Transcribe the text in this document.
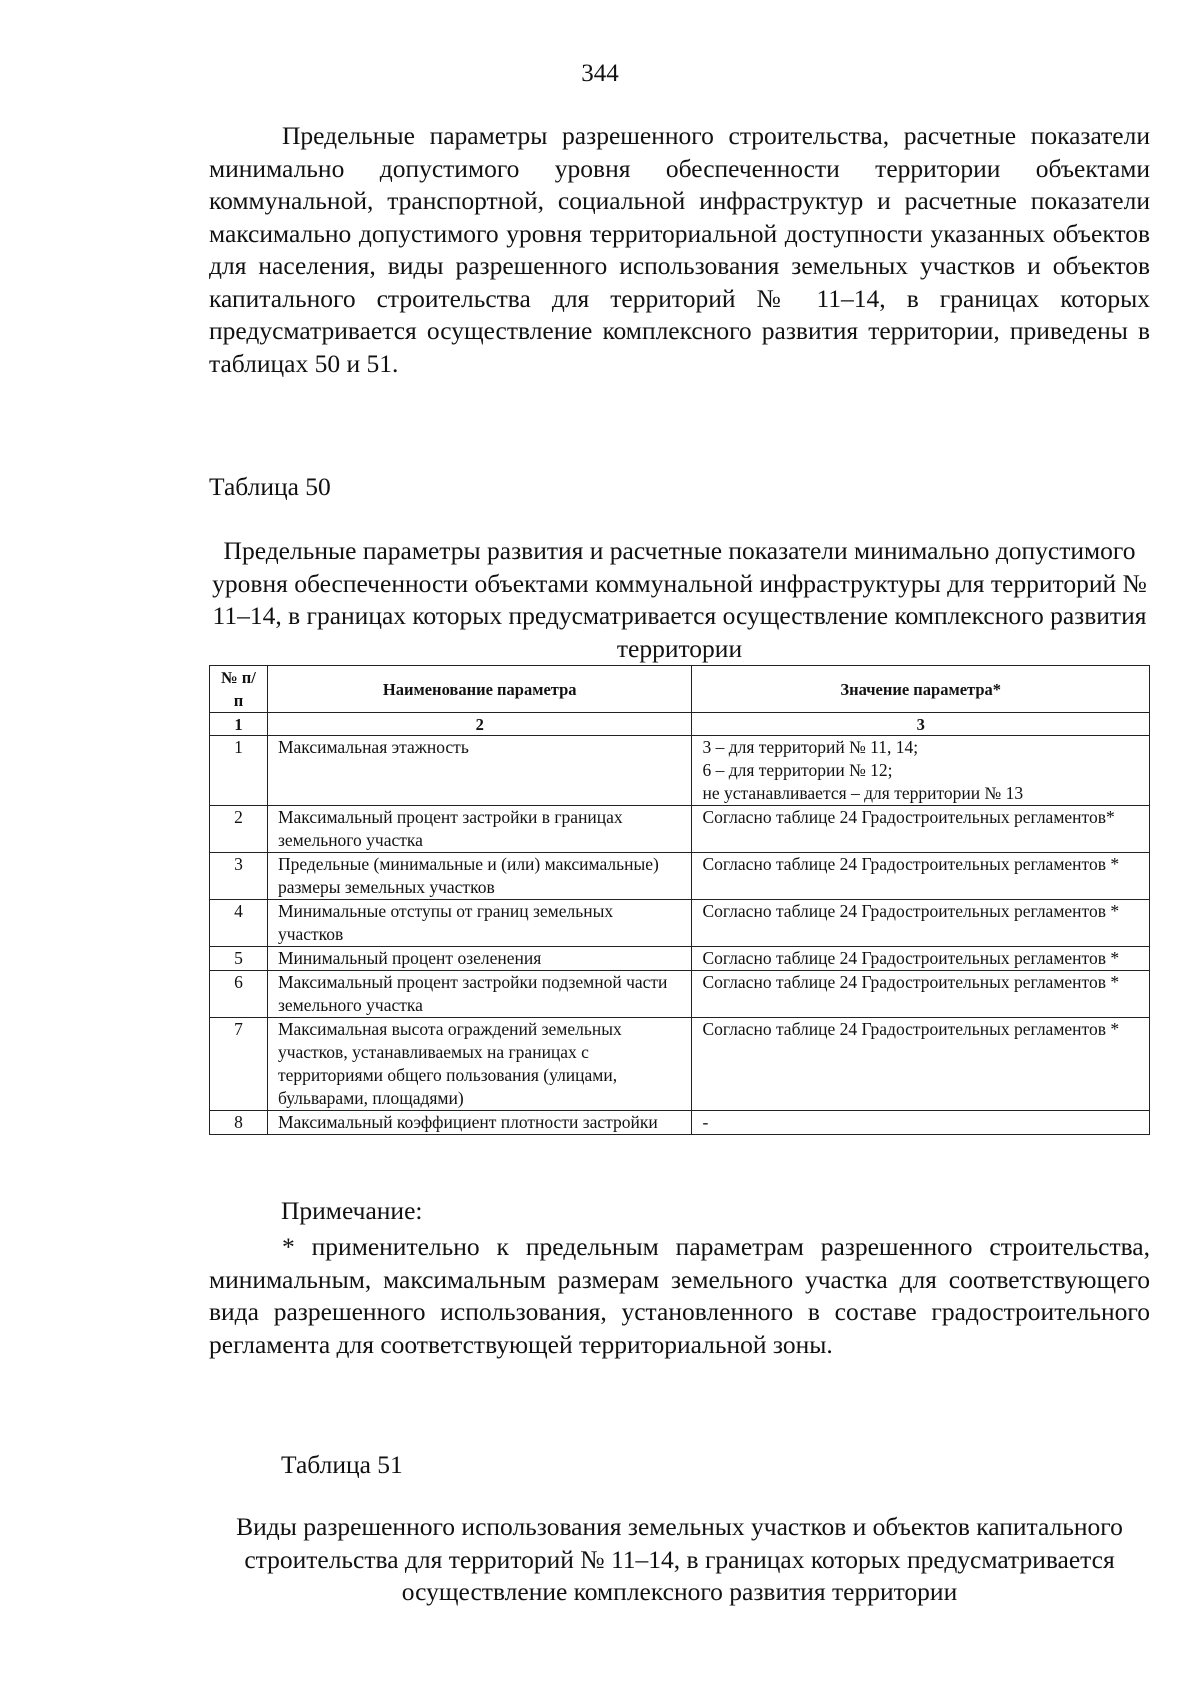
344

Предельные параметры разрешенного строительства, расчетные показатели минимально допустимого уровня обеспеченности территории объектами коммунальной, транспортной, социальной инфраструктур и расчетные показатели максимально допустимого уровня территориальной доступности указанных объектов для населения, виды разрешенного использования земельных участков и объектов капитального строительства для территорий № 11–14, в границах которых предусматривается осуществление комплексного развития территории, приведены в таблицах 50 и 51.

Таблица 50

Предельные параметры развития и расчетные показатели минимально допустимого уровня обеспеченности объектами коммунальной инфраструктуры для территорий № 11–14, в границах которых предусматривается осуществление комплексного развития территории

№ п/п	Наименование параметра	Значение параметра*
1	2	3
1	Максимальная этажность	3 – для территорий № 11, 14;
6 – для территории № 12;
не устанавливается – для территории № 13

2	Максимальный процент застройки в границах земельного участка	Согласно таблице 24 Градостроительных регламентов*
3	Предельные (минимальные и (или) максимальные) размеры земельных участков	Согласно таблице 24 Градостроительных регламентов *
4	Минимальные отступы от границ земельных участков	Согласно таблице 24 Градостроительных регламентов *
5	Минимальный процент озеленения	Согласно таблице 24 Градостроительных регламентов *
6	Максимальный процент застройки подземной части земельного участка	Согласно таблице 24 Градостроительных регламентов *
7	Максимальная высота ограждений земельных участков, устанавливаемых на границах с территориями общего пользования (улицами, бульварами, площадями)	Согласно таблице 24 Градостроительных регламентов *
8	Максимальный коэффициент плотности застройки	-

Примечание:

* применительно к предельным параметрам разрешенного строительства, минимальным, максимальным размерам земельного участка для соответствующего вида разрешенного использования, установленного в составе градостроительного регламента для соответствующей территориальной зоны.

Таблица 51

Виды разрешенного использования земельных участков и объектов капитального строительства для территорий № 11–14, в границах которых предусматривается осуществление комплексного развития территории
